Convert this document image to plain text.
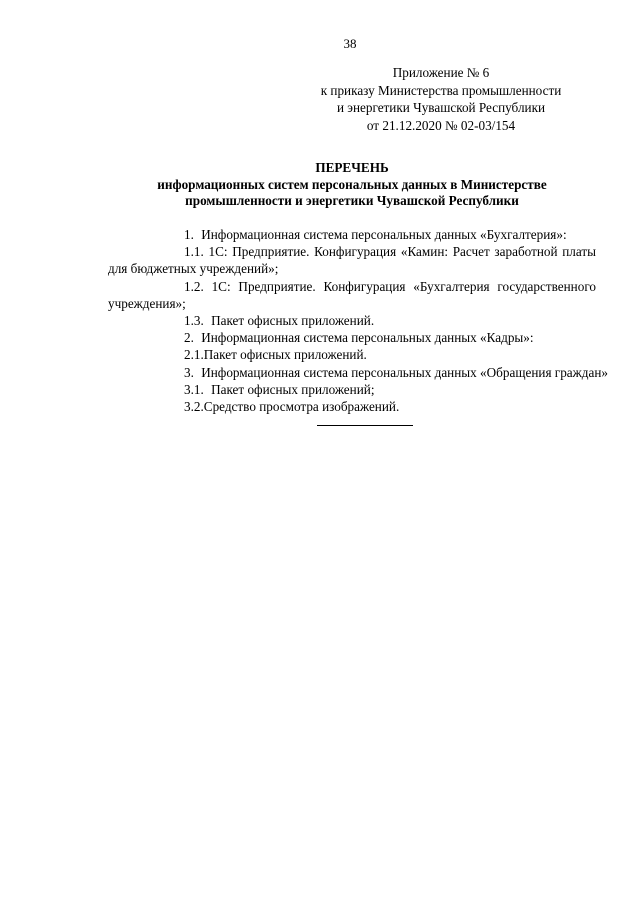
38
Приложение № 6
к приказу Министерства промышленности
и энергетики Чувашской Республики
от 21.12.2020 № 02-03/154
ПЕРЕЧЕНЬ
информационных систем персональных данных в Министерстве
промышленности и энергетики Чувашской Республики

1. Информационная система персональных данных «Бухгалтерия»:

1.1. 1С: Предприятие. Конфигурация «Камин: Расчет заработной платы для бюджетных учреждений»;

1.2. 1С: Предприятие. Конфигурация «Бухгалтерия государственного учреждения»;

1.3. Пакет офисных приложений.

2. Информационная система персональных данных «Кадры»:

2.1.Пакет офисных приложений.

3. Информационная система персональных данных «Обращения граждан»

3.1. Пакет офисных приложений;

3.2.Средство просмотра изображений.
